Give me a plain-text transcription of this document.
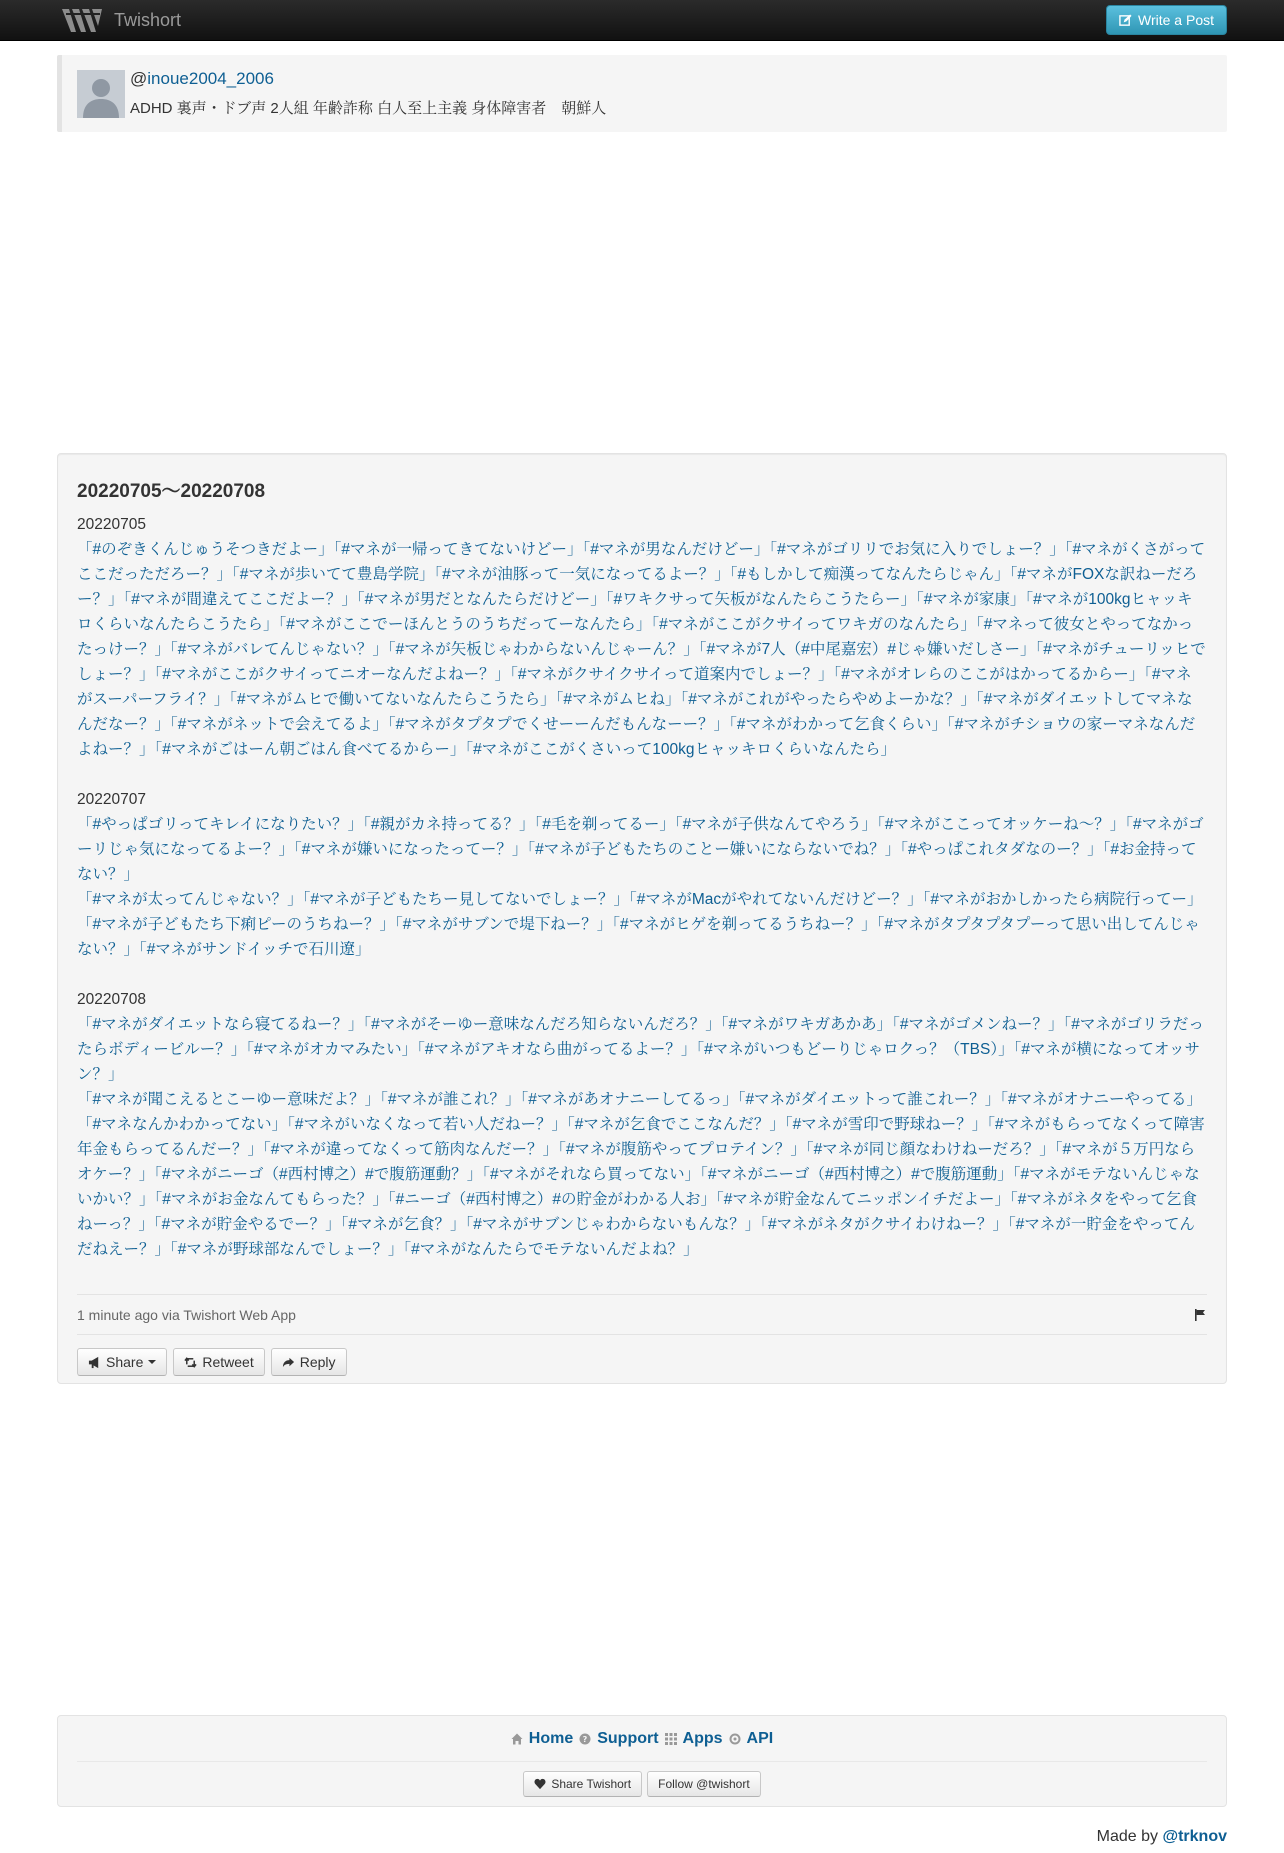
Twishort	Write a Post
@inoue2004_2006
ADHD 裏声・ドブ声 2人組 年齢詐称 白人至上主義 身体障害者　朝鮮人
20220705～20220708
20220705
「#のぞきくんじゅうそつきだよー」「#マネが一帰ってきてないけどー」「#マネが男なんだけどー」「#マネがゴリリでお気に入りでしょー？」「#マネがくさがってここだっただろー？」「#マネが歩いてて豊島学院」「#マネが油豚って一気になってるよー？」「#もしかして痴漢ってなんたらじゃん」「#マネがFOXな訳ねーだろー？」「#マネが間違えてここだよー？」「#マネが男だとなんたらだけどー」「#ワキクサって矢板がなんたらこうたらー」「#マネが家康」「#マネが100kgヒャッキロくらいなんたらこうたら」「#マネがここでーほんとうのうちだってーなんたら」「#マネがここがクサイってワキガのなんたら」「#マネって彼女とやってなかったっけー？」「#マネがバレてんじゃない？」「#マネが矢板じゃわからないんじゃーん？」「#マネが7人（#中尾嘉宏）#じゃ嫌いだしさー」「#マネがチューリッヒでしょー？」「#マネがここがクサイってニオーなんだよねー？」「#マネがクサイクサイって道案内でしょー？」「#マネがオレらのここがはかってるからー」「#マネがスーパーフライ？」「#マネがムヒで働いてないなんたらこうたら」「#マネがムヒね」「#マネがこれがやったらやめよーかな？」「#マネがダイエットしてマネなんだなー？」「#マネがネットで会えてるよ」「#マネがタプタプでくせーーんだもんなーー？」「#マネがわかって乞食くらい」「#マネがチショウの家ーマネなんだよねー？」「#マネがごはーん朝ごはん食べてるからー」「#マネがここがくさいって100kgヒャッキロくらいなんたら」
20220707
「#やっぱゴリってキレイになりたい？」「#親がカネ持ってる？」「#毛を剃ってるー」「#マネが子供なんてやろう」「#マネがここってオッケーね～？」「#マネがゴーリじゃ気になってるよー？」「#マネが嫌いになったってー？」「#マネが子どもたちのことー嫌いにならないでね？」「#やっぱこれタダなのー？」「#お金持ってない？」
「#マネが太ってんじゃない？」「#マネが子どもたちー見してないでしょー？」「#マネがMacがやれてないんだけどー？」「#マネがおかしかったら病院行ってー」「#マネが子どもたち下痢ピーのうちねー？」「#マネがサブンで堤下ねー？」「#マネがヒゲを剃ってるうちねー？」「#マネがタプタプタプーって思い出してんじゃない？」「#マネがサンドイッチで石川遼」
20220708
「#マネがダイエットなら寝てるねー？」「#マネがそーゆー意味なんだろ知らないんだろ？」「#マネがワキガあかあ」「#マネがゴメンねー？」「#マネがゴリラだったらボディービルー？」「#マネがオカマみたい」「#マネがアキオなら曲がってるよー？」「#マネがいつもどーりじゃロクっ？（TBS）」「#マネが横になってオッサン？」
「#マネが聞こえるとこーゆー意味だよ？」「#マネが誰これ？」「#マネがあオナニーしてるっ」「#マネがダイエットって誰これー？」「#マネがオナニーやってる」「#マネなんかわかってない」「#マネがいなくなって若い人だねー？」「#マネが乞食でここなんだ？」「#マネが雪印で野球ねー？」「#マネがもらってなくって障害年金もらってるんだー？」「#マネが違ってなくって筋肉なんだー？」「#マネが腹筋やってプロテイン？」「#マネが同じ顔なわけねーだろ？」「#マネが５万円ならオケー？」「#マネがニーゴ（#西村博之）#で腹筋運動？」「#マネがそれなら買ってない」「#マネがニーゴ（#西村博之）#で腹筋運動」「#マネがモテないんじゃないかい？」「#マネがお金なんてもらった？」「#ニーゴ（#西村博之）#の貯金がわかる人お」「#マネが貯金なんてニッポンイチだよー」「#マネがネタをやって乞食ねーっ？」「#マネが貯金やるでー？」「#マネが乞食？」「#マネがサブンじゃわからないもんな？」「#マネがネタがクサイわけねー？」「#マネが一貯金をやってんだねえー？」「#マネが野球部なんでしょー？」「#マネがなんたらでモテないんだよね？」
1 minute ago via Twishort Web App
Share	Retweet	Reply
Home ? Support Apps API
Share Twishort Follow @twishort
Made by @trknov
